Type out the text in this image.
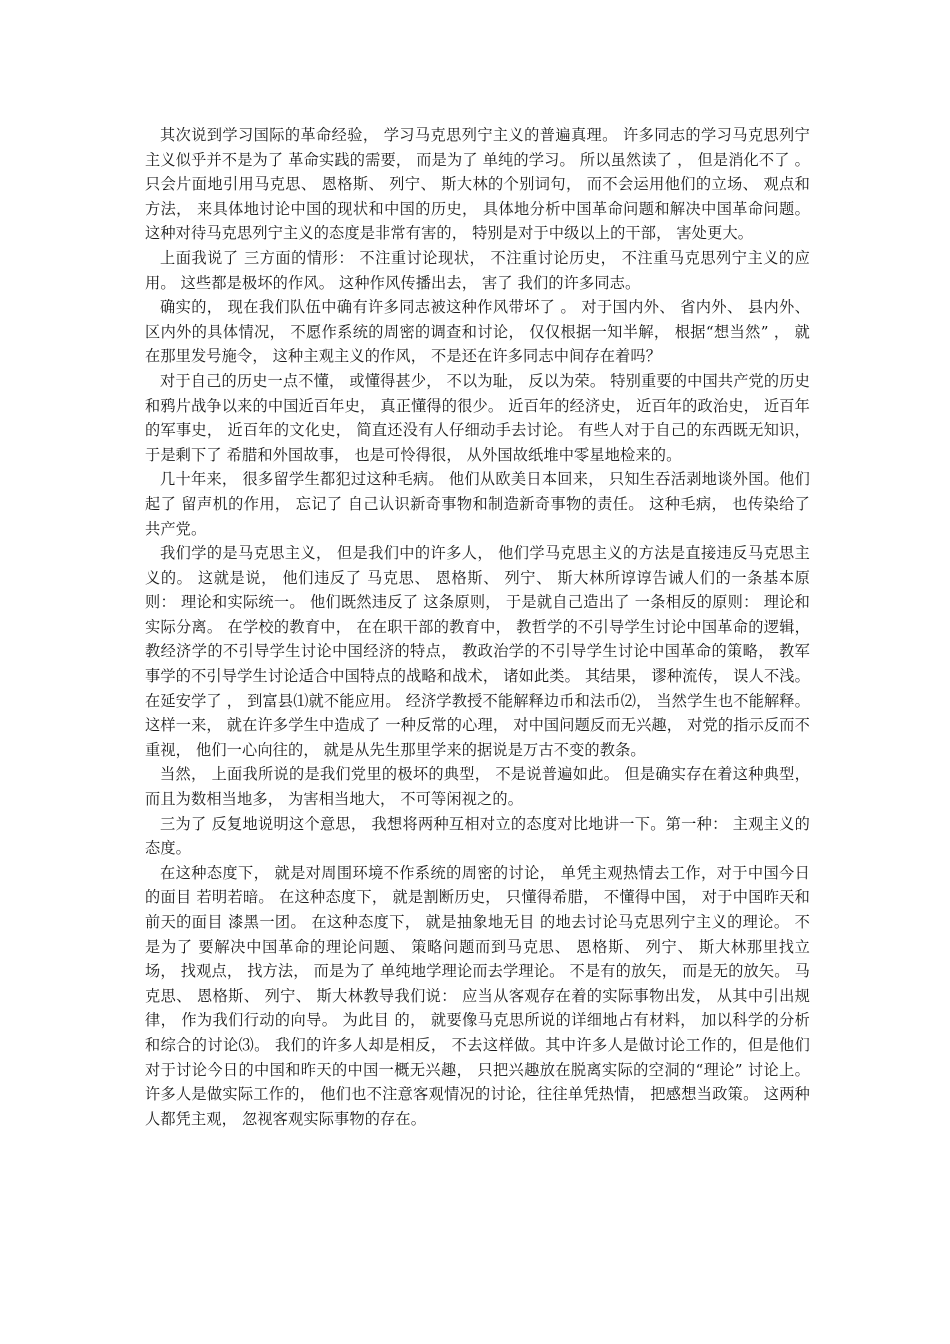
其次说到学习国际的革命经验， 学习马克思列宁主义的普遍真理。 许多同志的学习马克思列宁主义似乎并不是为了 革命实践的需要， 而是为了 单纯的学习。 所以虽然读了 ， 但是消化不了 。 只会片面地引用马克思、 恩格斯、 列宁、 斯大林的个别词句， 而不会运用他们的立场、 观点和方法， 来具体地讨论中国的现状和中国的历史， 具体地分析中国革命问题和解决中国革命问题。 这种对待马克思列宁主义的态度是非常有害的， 特别是对于中级以上的干部， 害处更大。

上面我说了 三方面的情形： 不注重讨论现状， 不注重讨论历史， 不注重马克思列宁主义的应用。 这些都是极坏的作风。 这种作风传播出去， 害了 我们的许多同志。

确实的， 现在我们队伍中确有许多同志被这种作风带坏了 。 对于国内外、 省内外、 县内外、 区内外的具体情况， 不愿作系统的周密的调查和讨论， 仅仅根据一知半解， 根据“想当然” ， 就在那里发号施令， 这种主观主义的作风， 不是还在许多同志中间存在着吗？

对于自己的历史一点不懂， 或懂得甚少， 不以为耻， 反以为荣。 特别重要的中国共产党的历史和鸦片战争以来的中国近百年史， 真正懂得的很少。 近百年的经济史， 近百年的政治史， 近百年的军事史， 近百年的文化史， 简直还没有人仔细动手去讨论。 有些人对于自己的东西既无知识， 于是剩下了 希腊和外国故事， 也是可怜得很， 从外国故纸堆中零星地检来的。

几十年来， 很多留学生都犯过这种毛病。 他们从欧美日本回来， 只知生吞活剥地谈外国。他们起了 留声机的作用， 忘记了 自己认识新奇事物和制造新奇事物的责任。 这种毛病， 也传染给了 共产党。

我们学的是马克思主义， 但是我们中的许多人， 他们学马克思主义的方法是直接违反马克思主义的。 这就是说， 他们违反了 马克思、 恩格斯、 列宁、 斯大林所谆谆告诫人们的一条基本原则： 理论和实际统一。 他们既然违反了 这条原则， 于是就自己造出了 一条相反的原则： 理论和实际分离。 在学校的教育中， 在在职干部的教育中， 教哲学的不引导学生讨论中国革命的逻辑， 教经济学的不引导学生讨论中国经济的特点， 教政治学的不引导学生讨论中国革命的策略， 教军事学的不引导学生讨论适合中国特点的战略和战术， 诸如此类。 其结果， 谬种流传， 误人不浅。 在延安学了 ， 到富县⑴就不能应用。 经济学教授不能解释边币和法币⑵， 当然学生也不能解释。 这样一来， 就在许多学生中造成了 一种反常的心理， 对中国问题反而无兴趣， 对党的指示反而不重视， 他们一心向往的， 就是从先生那里学来的据说是万古不变的教条。

当然， 上面我所说的是我们党里的极坏的典型， 不是说普遍如此。 但是确实存在着这种典型， 而且为数相当地多， 为害相当地大， 不可等闲视之的。

三为了 反复地说明这个意思， 我想将两种互相对立的态度对比地讲一下。第一种： 主观主义的态度。

在这种态度下， 就是对周围环境不作系统的周密的讨论， 单凭主观热情去工作，对于中国今日的面目 若明若暗。 在这种态度下， 就是割断历史， 只懂得希腊， 不懂得中国， 对于中国昨天和前天的面目 漆黑一团。 在这种态度下， 就是抽象地无目 的地去讨论马克思列宁主义的理论。 不是为了 要解决中国革命的理论问题、 策略问题而到马克思、 恩格斯、 列宁、 斯大林那里找立场， 找观点， 找方法， 而是为了 单纯地学理论而去学理论。 不是有的放矢， 而是无的放矢。 马克思、 恩格斯、 列宁、 斯大林教导我们说： 应当从客观存在着的实际事物出发， 从其中引出规律， 作为我们行动的向导。 为此目 的， 就要像马克思所说的详细地占有材料， 加以科学的分析和综合的讨论⑶。 我们的许多人却是相反， 不去这样做。其中许多人是做讨论工作的，但是他们对于讨论今日的中国和昨天的中国一概无兴趣， 只把兴趣放在脱离实际的空洞的“理论” 讨论上。 许多人是做实际工作的， 他们也不注意客观情况的讨论，往往单凭热情， 把感想当政策。 这两种人都凭主观， 忽视客观实际事物的存在。
